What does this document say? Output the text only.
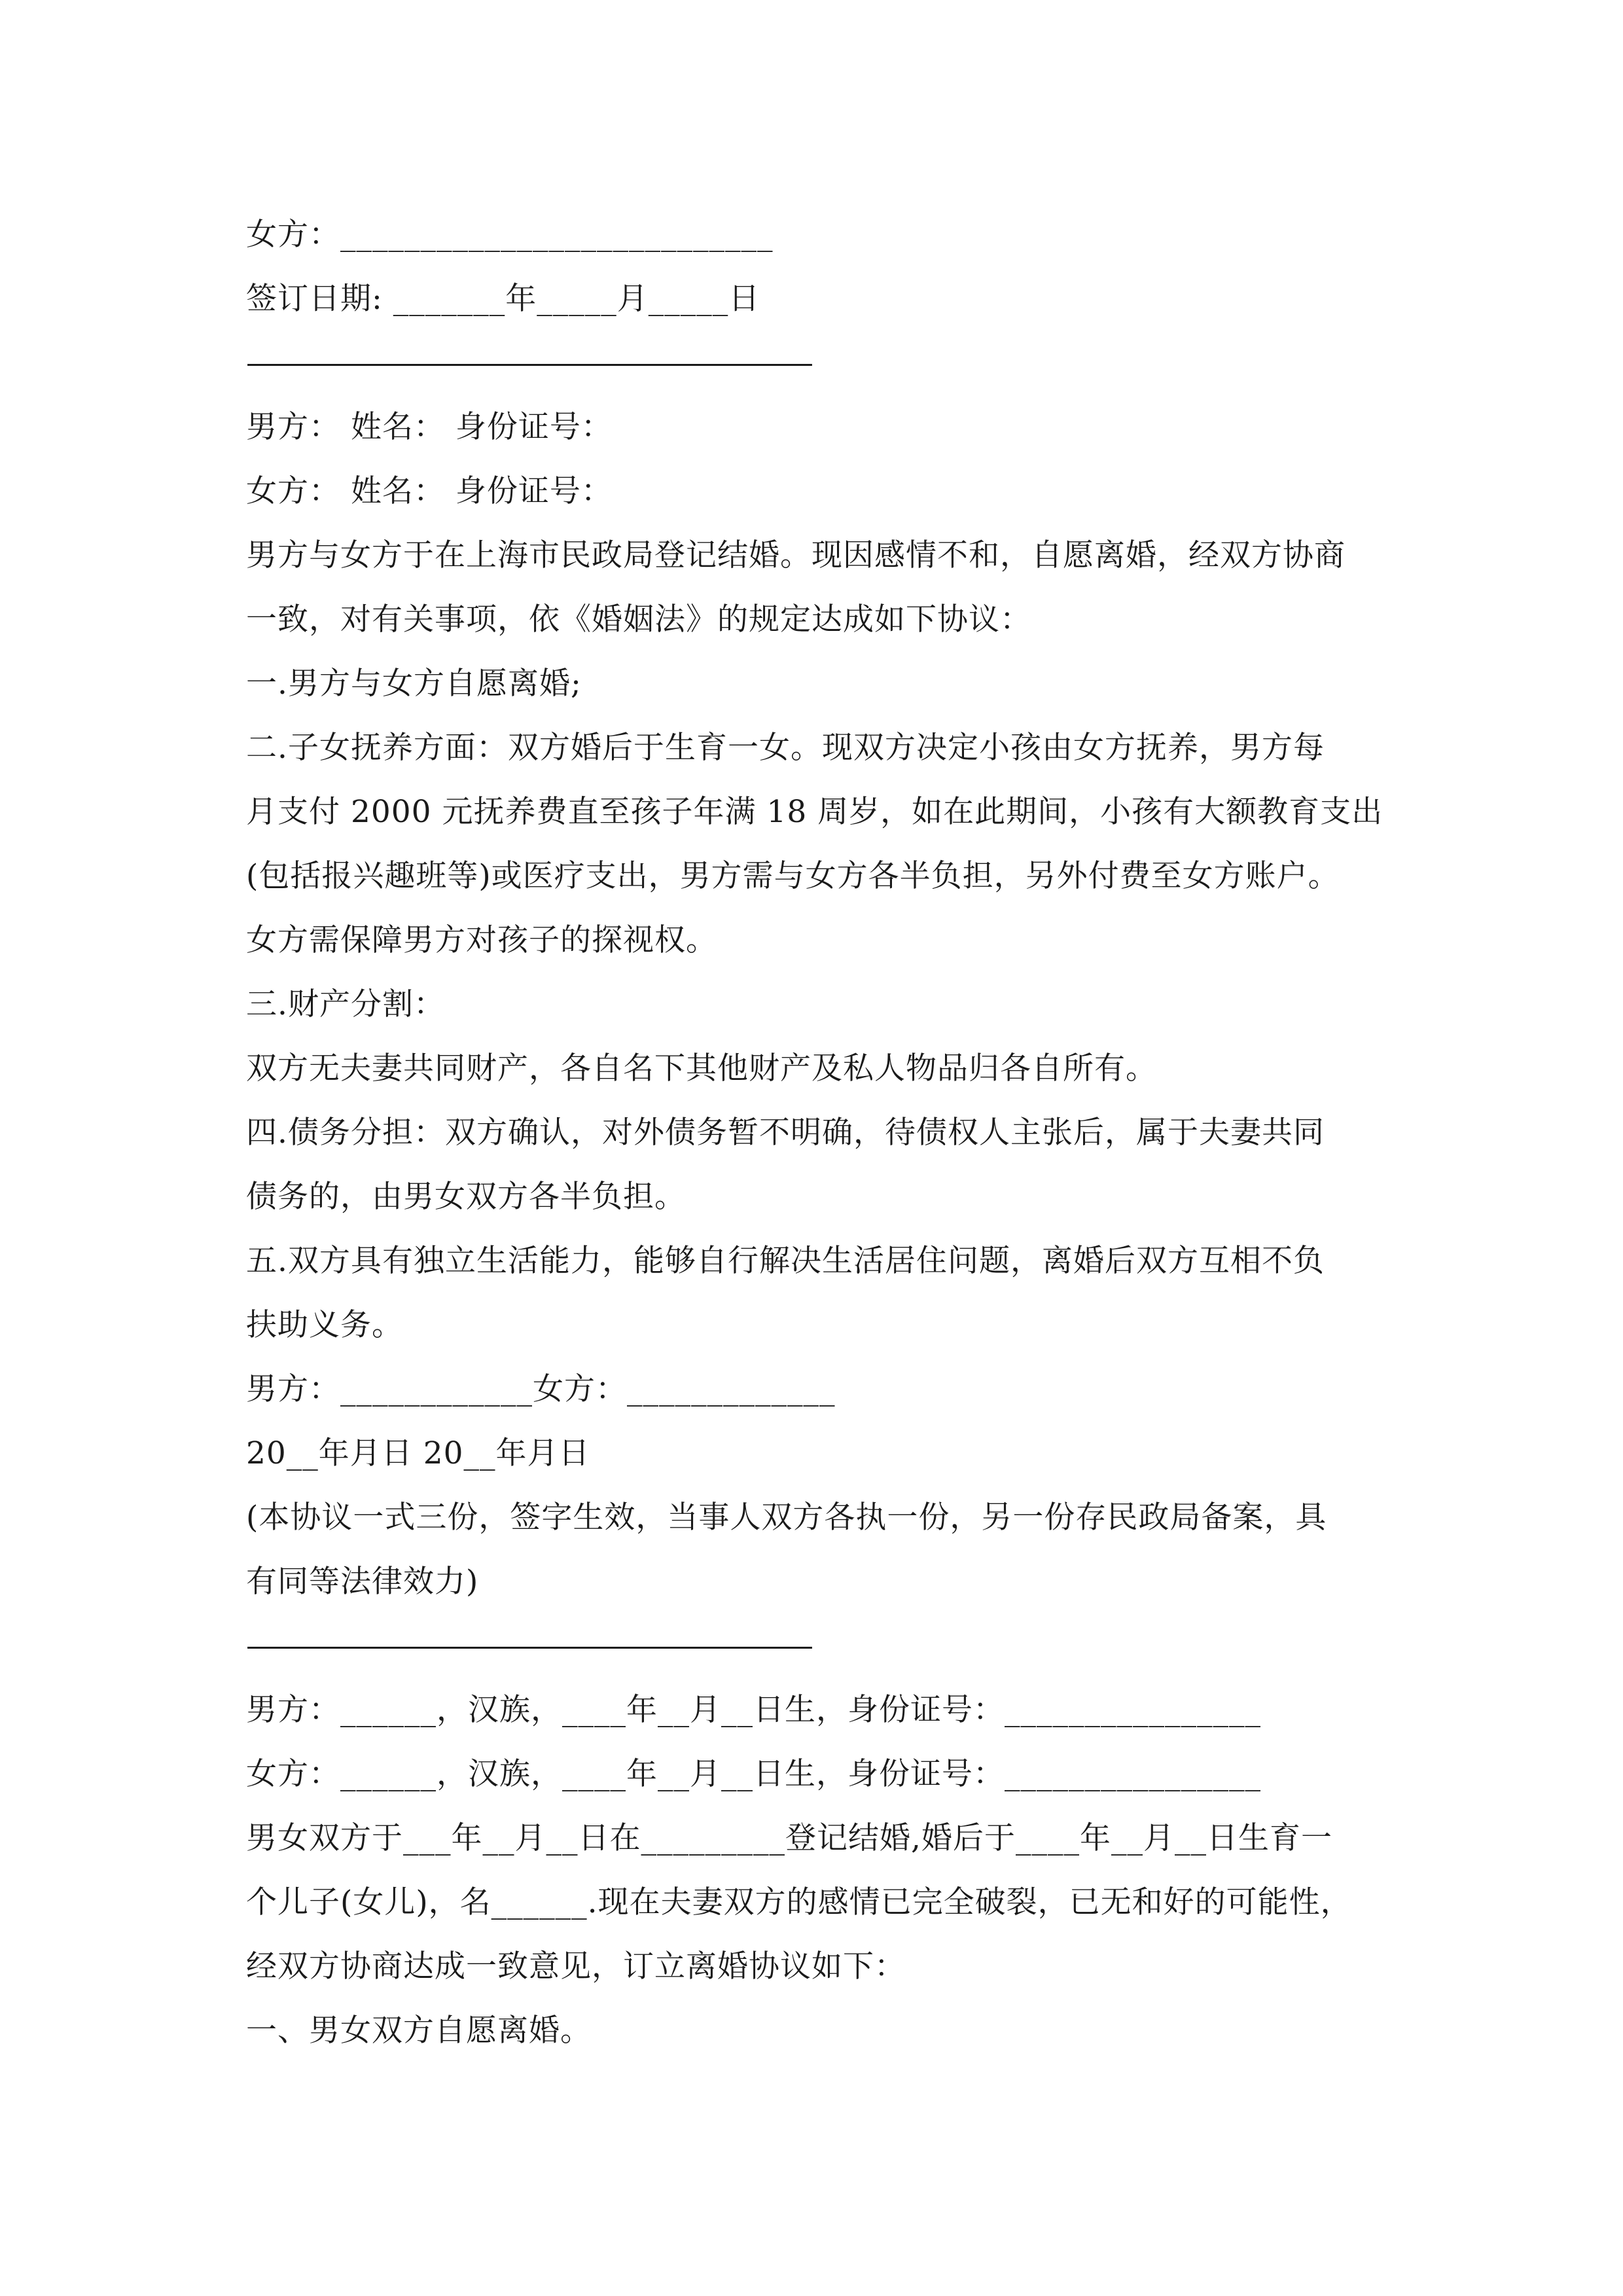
女方：___________________________
签订日期: _______年_____月_____日
—————————————————————
男方： 姓名： 身份证号：
女方： 姓名： 身份证号：
男方与女方于在上海市民政局登记结婚。现因感情不和，自愿离婚，经双方协商
一致，对有关事项，依《婚姻法》的规定达成如下协议：
一.男方与女方自愿离婚;
二.子女抚养方面：双方婚后于生育一女。现双方决定小孩由女方抚养，男方每
月支付 2000 元抚养费直至孩子年满 18 周岁，如在此期间，小孩有大额教育支出
(包括报兴趣班等)或医疗支出，男方需与女方各半负担，另外付费至女方账户。
女方需保障男方对孩子的探视权。
三.财产分割：
双方无夫妻共同财产，各自名下其他财产及私人物品归各自所有。
四.债务分担：双方确认，对外债务暂不明确，待债权人主张后，属于夫妻共同
债务的，由男女双方各半负担。
五.双方具有独立生活能力，能够自行解决生活居住问题，离婚后双方互相不负
扶助义务。
男方：____________女方：_____________
20__年月日 20__年月日
(本协议一式三份，签字生效，当事人双方各执一份，另一份存民政局备案，具
有同等法律效力)
—————————————————————
男方：______，汉族，____年__月__日生，身份证号：________________
女方：______，汉族，____年__月__日生，身份证号：________________
男女双方于___年__月__日在_________登记结婚,婚后于____年__月__日生育一
个儿子(女儿)，名______.现在夫妻双方的感情已完全破裂，已无和好的可能性，
经双方协商达成一致意见，订立离婚协议如下：
一、男女双方自愿离婚。
